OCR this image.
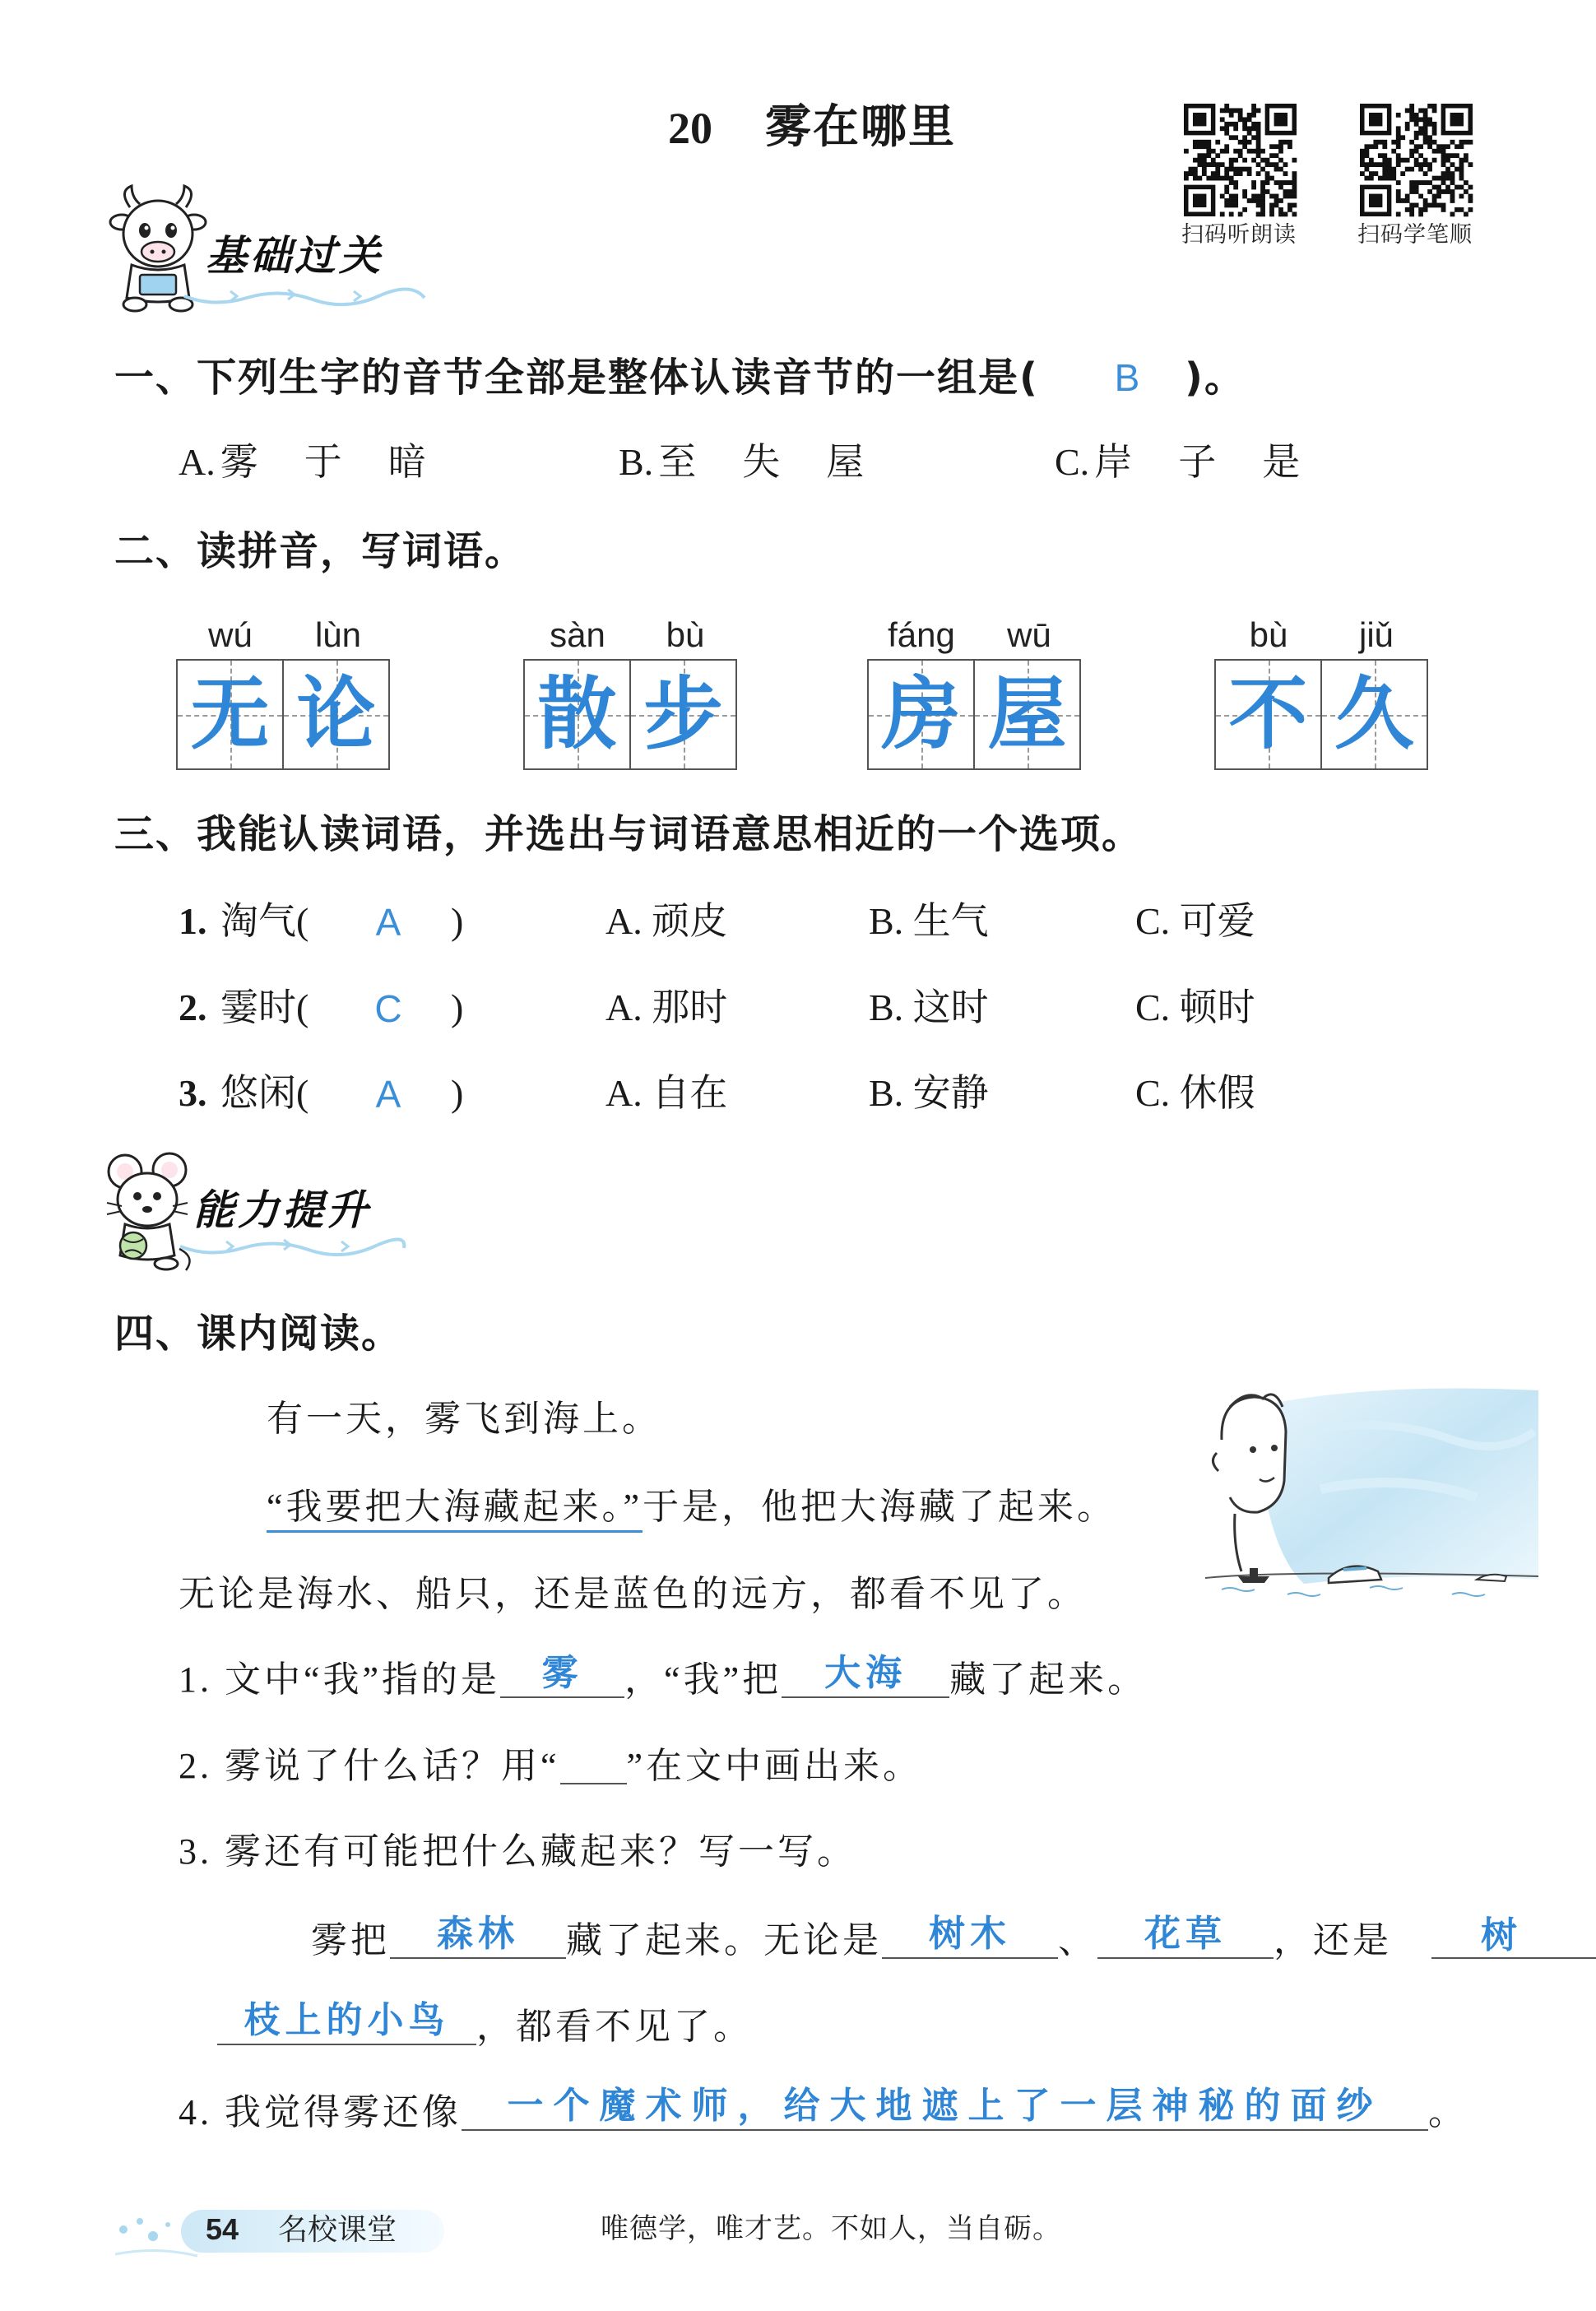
20 雾在哪里
扫码听朗读	扫码学笔顺
基础过关
一、下列生字的音节全部是整体认读音节的一组是(	B	)。
A. 雾 于 暗	B. 至 失 屋	C. 岸 子 是
二、读拼音，写词语。
wú	lùn	sàn	bù	fáng	wū	bù	jiǔ
无 论 散 步 房 屋 不 久
三、我能认读词语，并选出与词语意思相近的一个选项。
1. 淘气(	A	)	A. 顽皮	B. 生气	C. 可爱
2. 霎时( C )	A. 那时	B. 这时	C. 顿时
3. 悠闲(	A	)	A. 自在	B. 安静	C. 休假
能力提升
四、课内阅读。
有一天，雾飞到海上。
“我要把大海藏起来。”于是，他把大海藏了起来。
无论是海水、船只，还是蓝色的远方，都看不见了。
1. 文中“我”指的是 雾 ，“我”把 大海 藏了起来。
2. 雾说了什么话？用“ ”在文中画出来。
3. 雾还有可能把什么藏起来？写一写。
雾把 森林 藏了起来。无论是 树木 、 花草 ，还是 树
枝上的小鸟 ，都看不见了。
4. 我觉得雾还像 一个魔术师，给大地遮上了一层神秘的面纱 。
54 名校课堂	唯德学，唯才艺。不如人，当自砺。
